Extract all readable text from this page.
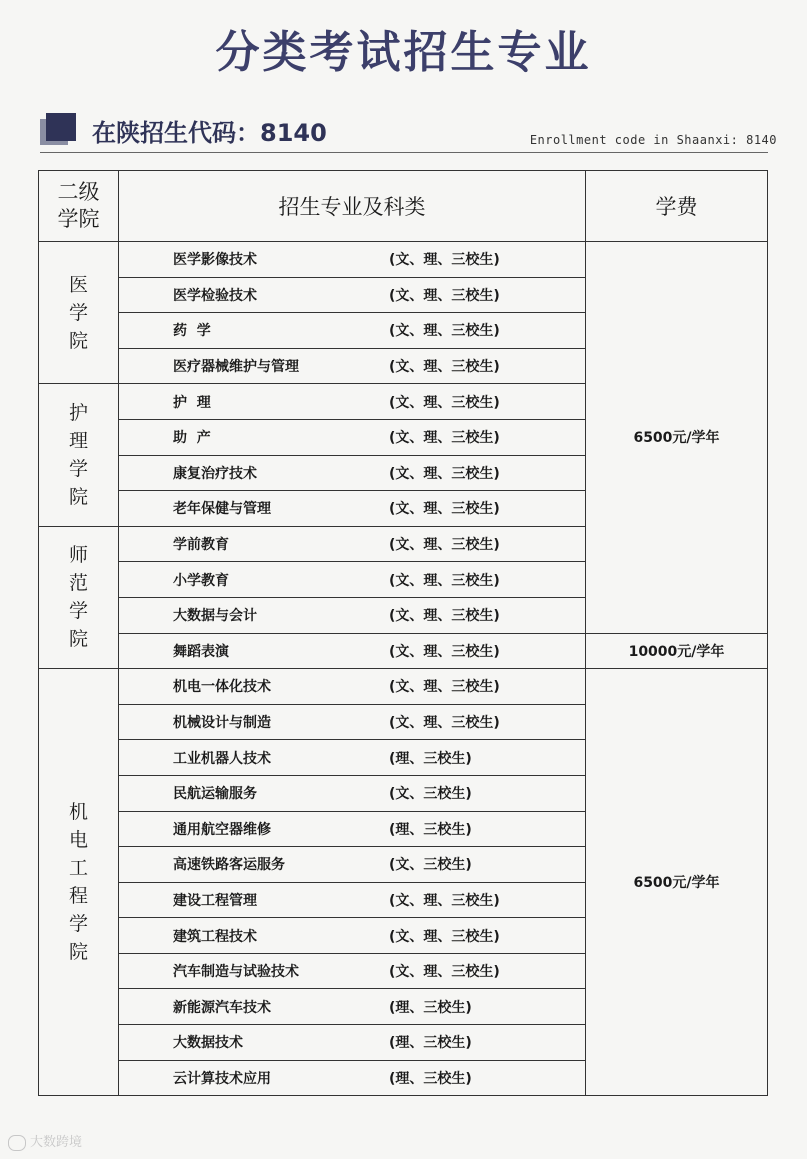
分类考试招生专业
在陕招生代码：8140	Enrollment code in Shaanxi: 8140
二级学院	招生专业及科类	学费
医学院	医学影像技术 (文、理、三校生)	6500元/学年
	医学检验技术 (文、理、三校生)	
	药  学 (文、理、三校生)	
	医疗器械维护与管理 (文、理、三校生)	
护理学院	护  理 (文、理、三校生)	
	助  产 (文、理、三校生)	
	康复治疗技术 (文、理、三校生)	
	老年保健与管理 (文、理、三校生)	
师范学院	学前教育 (文、理、三校生)	
	小学教育 (文、理、三校生)	
	大数据与会计 (文、理、三校生)	
	舞蹈表演 (文、理、三校生)	10000元/学年
机电工程学院	机电一体化技术 (文、理、三校生)	6500元/学年
	机械设计与制造 (文、理、三校生)	
	工业机器人技术 (理、三校生)	
	民航运输服务 (文、三校生)	
	通用航空器维修 (理、三校生)	
	高速铁路客运服务 (文、三校生)	
	建设工程管理 (文、理、三校生)	
	建筑工程技术 (文、理、三校生)	
	汽车制造与试验技术 (文、理、三校生)	
	新能源汽车技术 (理、三校生)	
	大数据技术 (理、三校生)	
	云计算技术应用 (理、三校生)	
大数跨境
